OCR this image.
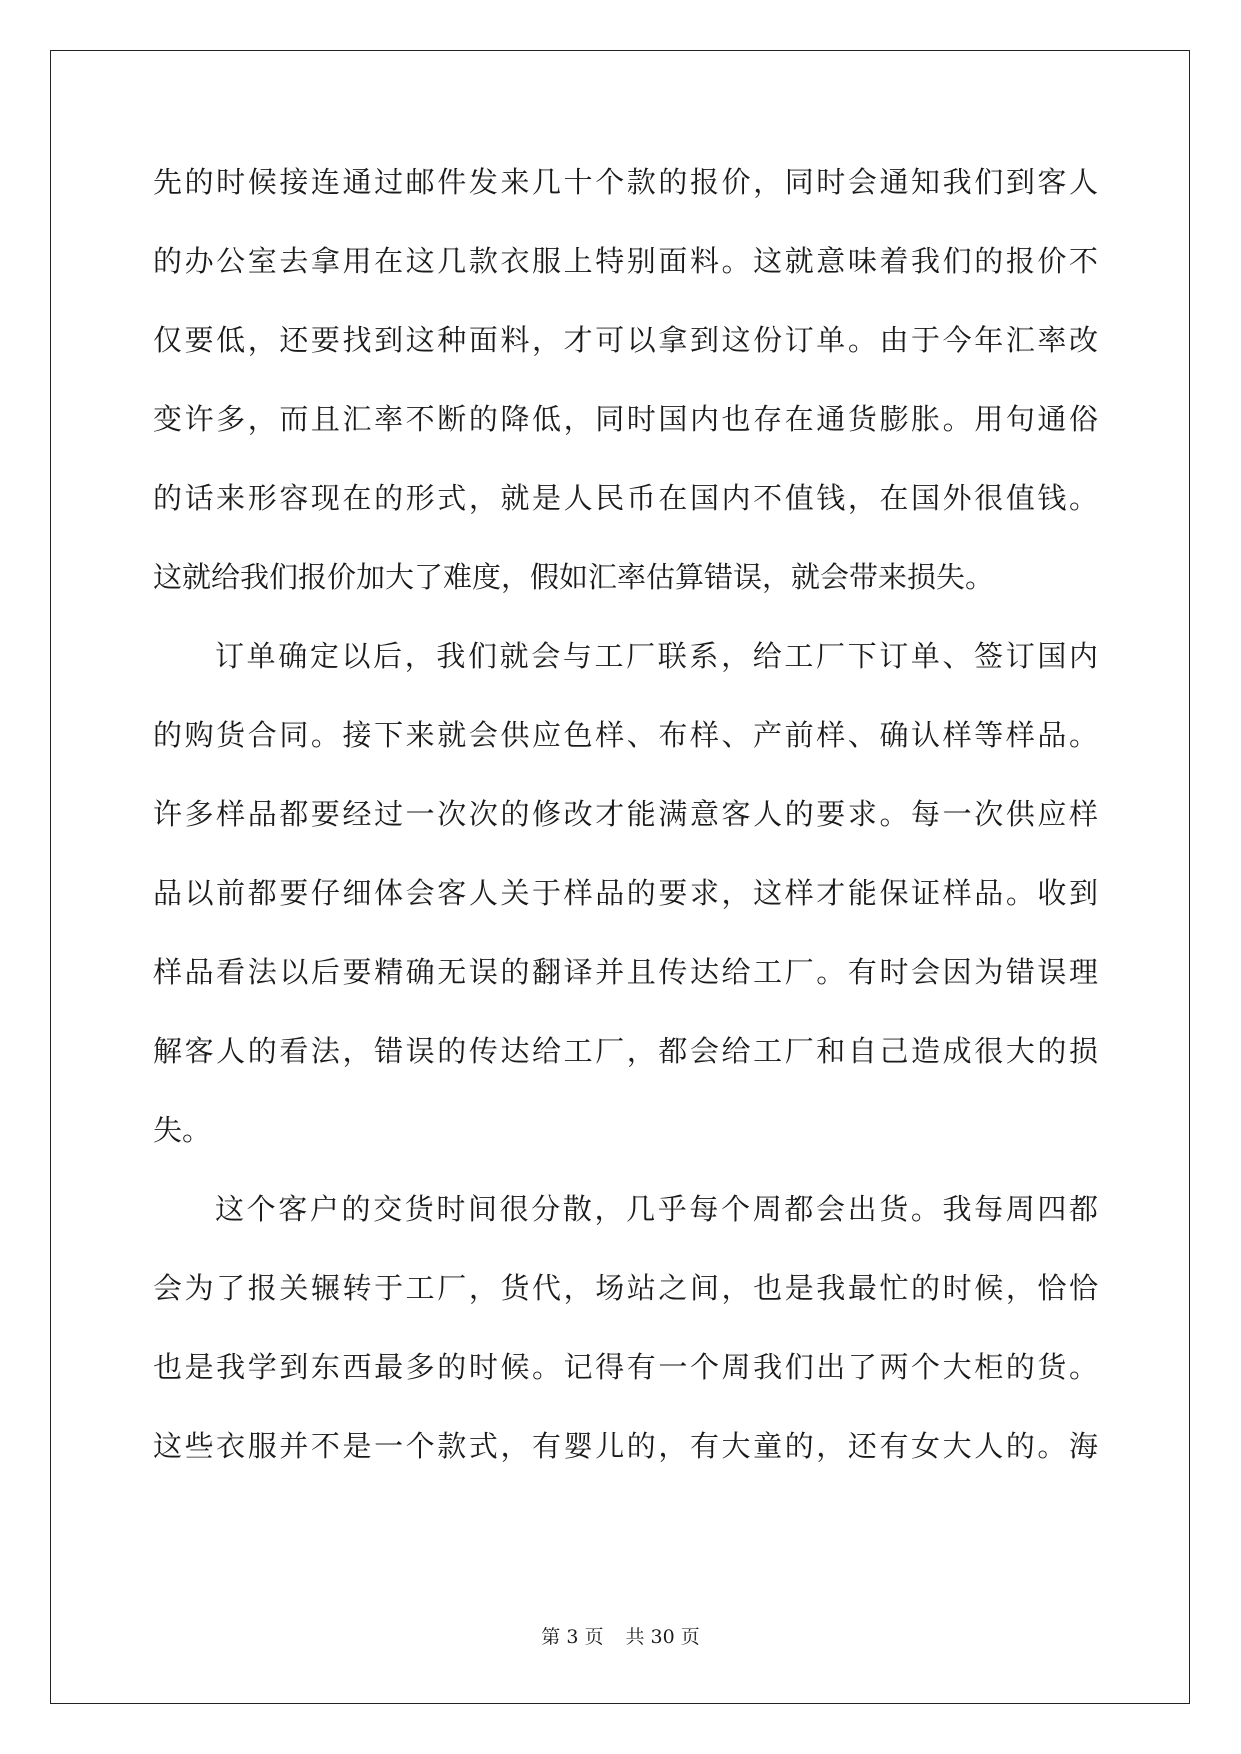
先的时候接连通过邮件发来几十个款的报价，同时会通知我们到客人
的办公室去拿用在这几款衣服上特别面料。这就意味着我们的报价不
仅要低，还要找到这种面料，才可以拿到这份订单。由于今年汇率改
变许多，而且汇率不断的降低，同时国内也存在通货膨胀。用句通俗
的话来形容现在的形式，就是人民币在国内不值钱，在国外很值钱。
这就给我们报价加大了难度，假如汇率估算错误，就会带来损失。
订单确定以后，我们就会与工厂联系，给工厂下订单、签订国内
的购货合同。接下来就会供应色样、布样、产前样、确认样等样品。
许多样品都要经过一次次的修改才能满意客人的要求。每一次供应样
品以前都要仔细体会客人关于样品的要求，这样才能保证样品。收到
样品看法以后要精确无误的翻译并且传达给工厂。有时会因为错误理
解客人的看法，错误的传达给工厂，都会给工厂和自己造成很大的损
失。
这个客户的交货时间很分散，几乎每个周都会出货。我每周四都
会为了报关辗转于工厂，货代，场站之间，也是我最忙的时候，恰恰
也是我学到东西最多的时候。记得有一个周我们出了两个大柜的货。
这些衣服并不是一个款式，有婴儿的，有大童的，还有女大人的。海
第 3 页 共 30 页
